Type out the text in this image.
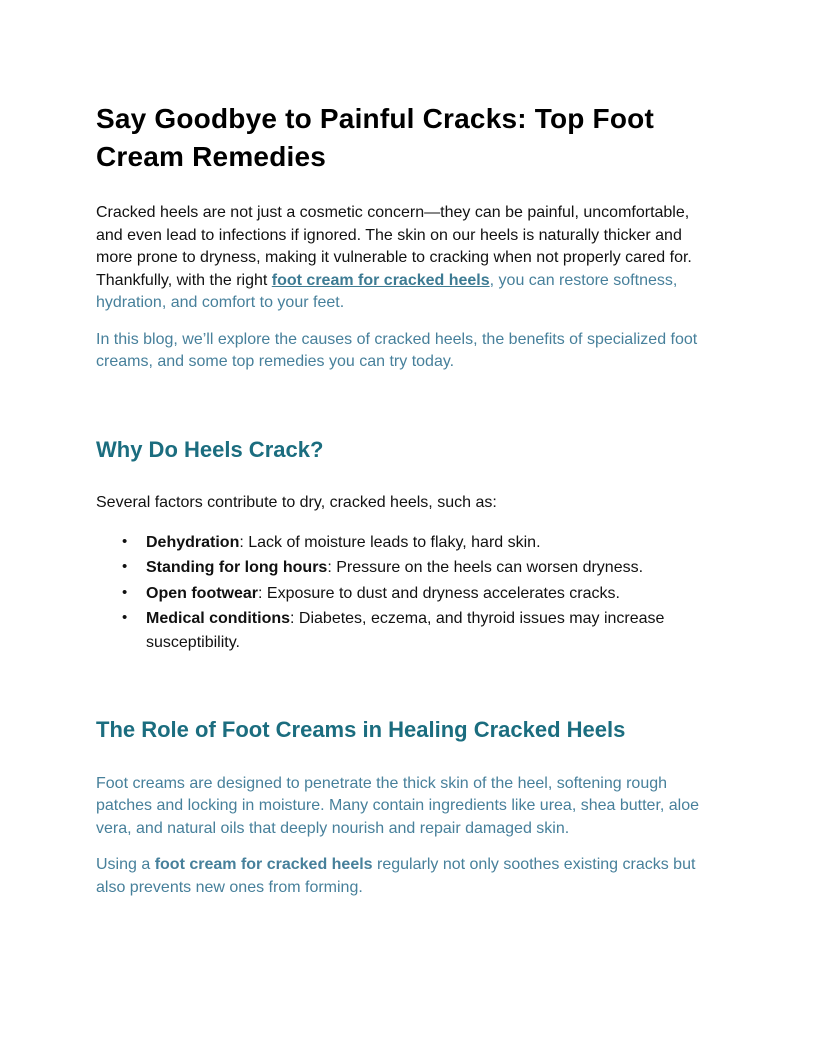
Say Goodbye to Painful Cracks: Top Foot Cream Remedies

Cracked heels are not just a cosmetic concern—they can be painful, uncomfortable, and even lead to infections if ignored. The skin on our heels is naturally thicker and more prone to dryness, making it vulnerable to cracking when not properly cared for. Thankfully, with the right foot cream for cracked heels, you can restore softness, hydration, and comfort to your feet.

In this blog, we’ll explore the causes of cracked heels, the benefits of specialized foot creams, and some top remedies you can try today.

Why Do Heels Crack?

Several factors contribute to dry, cracked heels, such as:

• Dehydration: Lack of moisture leads to flaky, hard skin.
• Standing for long hours: Pressure on the heels can worsen dryness.
• Open footwear: Exposure to dust and dryness accelerates cracks.
• Medical conditions: Diabetes, eczema, and thyroid issues may increase susceptibility.
The Role of Foot Creams in Healing Cracked Heels

Foot creams are designed to penetrate the thick skin of the heel, softening rough patches and locking in moisture. Many contain ingredients like urea, shea butter, aloe vera, and natural oils that deeply nourish and repair damaged skin.

Using a foot cream for cracked heels regularly not only soothes existing cracks but also prevents new ones from forming.
